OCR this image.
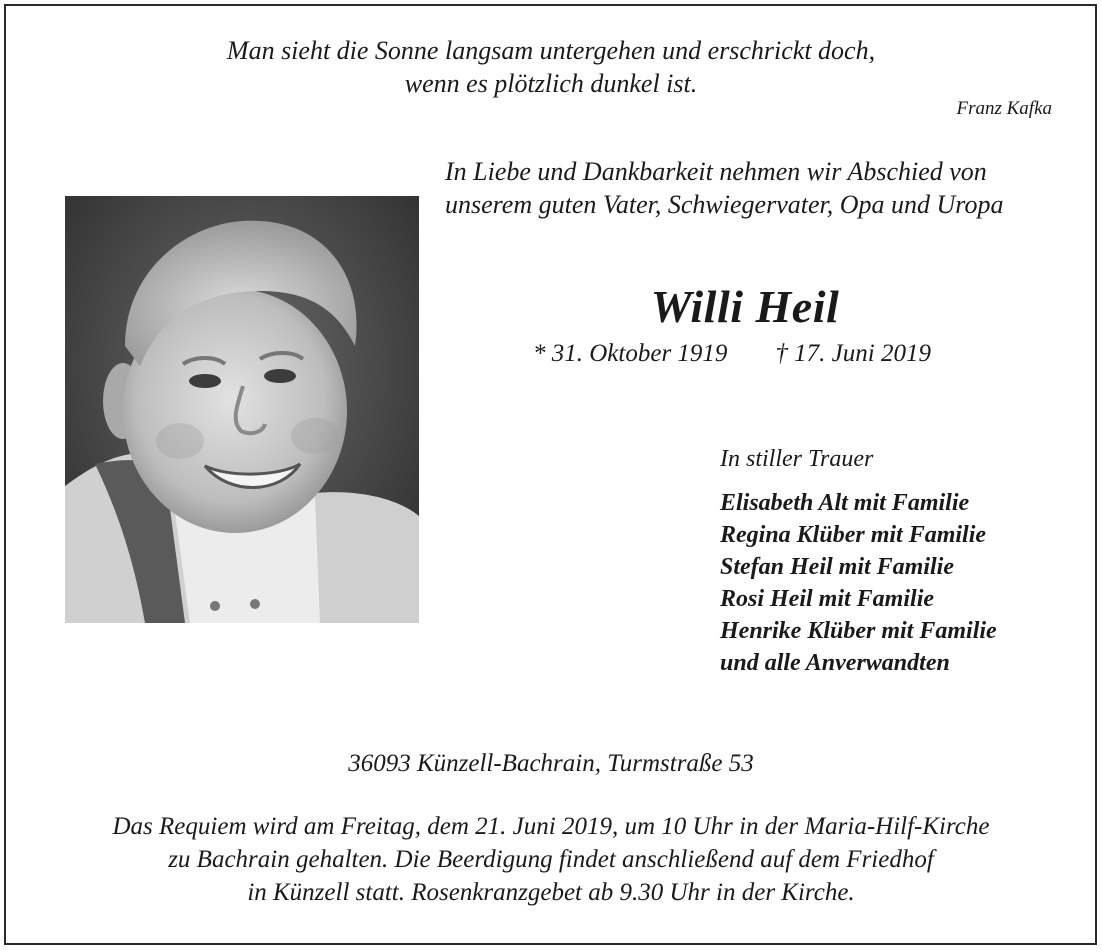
Man sieht die Sonne langsam untergehen und erschrickt doch,
wenn es plötzlich dunkel ist.
Franz Kafka
In Liebe und Dankbarkeit nehmen wir Abschied von
unserem guten Vater, Schwiegervater, Opa und Uropa
Willi Heil
* 31. Oktober 1919 † 17. Juni 2019
In stiller Trauer
Elisabeth Alt mit Familie
Regina Klüber mit Familie
Stefan Heil mit Familie
Rosi Heil mit Familie
Henrike Klüber mit Familie
und alle Anverwandten
36093 Künzell-Bachrain, Turmstraße 53
Das Requiem wird am Freitag, dem 21. Juni 2019, um 10 Uhr in der Maria-Hilf-Kirche
zu Bachrain gehalten. Die Beerdigung findet anschließend auf dem Friedhof
in Künzell statt. Rosenkranzgebet ab 9.30 Uhr in der Kirche.
